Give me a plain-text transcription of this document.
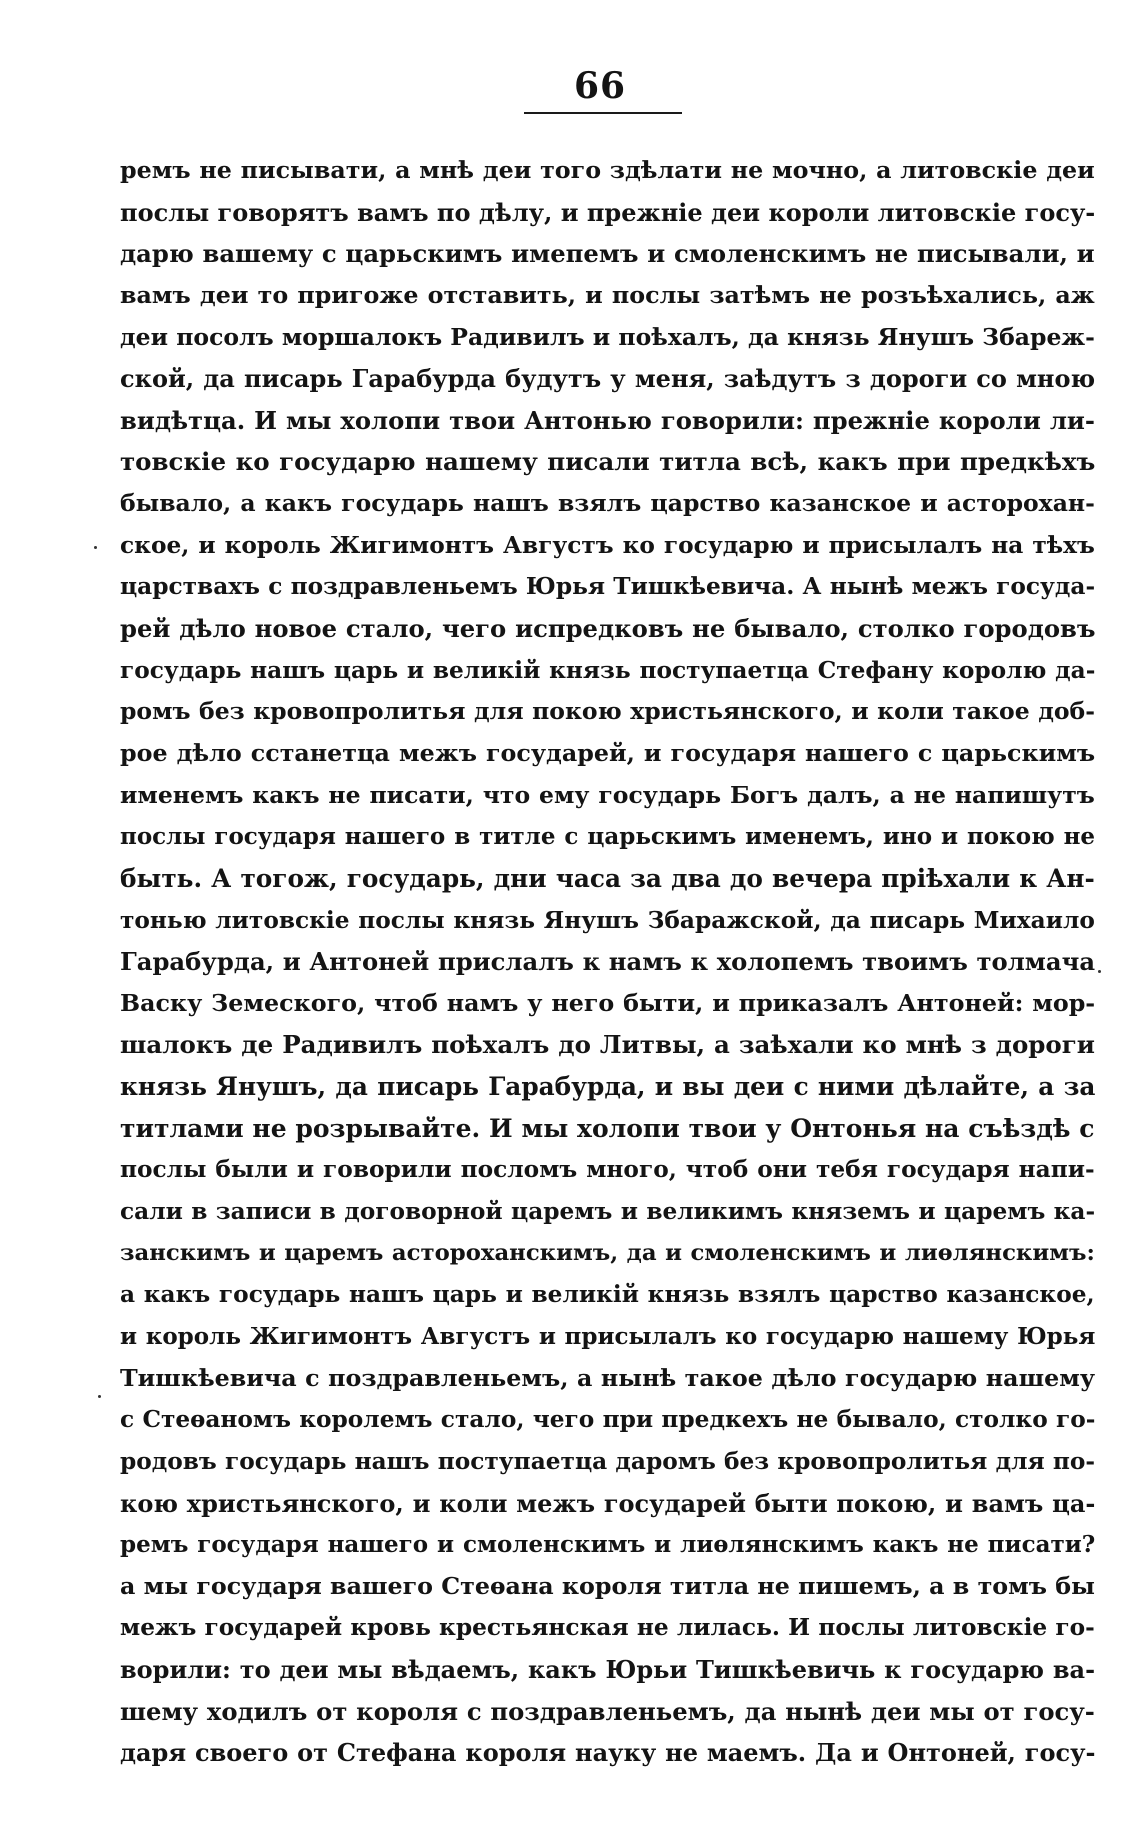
66
ремъ не писывати, а мнѣ деи того здѣлати не мочно, а литовскіе деи
послы говорятъ вамъ по дѣлу, и прежніе деи короли литовскіе госу-
дарю вашему с царьскимъ имепемъ и смоленскимъ не писывали, и
вамъ деи то пригоже отставить, и послы затѣмъ не розъѣхались, аж
деи посолъ моршалокъ Радивилъ и поѣхалъ, да князь Янушъ Збареж-
ской, да писарь Гарабурда будутъ у меня, заѣдутъ з дороги со мною
видѣтца. И мы холопи твои Антонью говорили: прежніе короли ли-
товскіе ко государю нашему писали титла всѣ, какъ при предкѣхъ
бывало, а какъ государь нашъ взялъ царство казанское и асторохан-
ское, и король Жигимонтъ Августъ ко государю и присылалъ на тѣхъ
царствахъ с поздравленьемъ Юрья Тишкѣевича. А нынѣ межъ госуда-
рей дѣло новое стало, чего испредковъ не бывало, столко городовъ
государь нашъ царь и великій князь поступаетца Стефану королю да-
ромъ без кровопролитья для покою христьянского, и коли такое доб-
рое дѣло сстанетца межъ государей, и государя нашего с царьскимъ
именемъ какъ не писати, что ему государь Богъ далъ, а не напишутъ
послы государя нашего в титле с царьскимъ именемъ, ино и покою не
быть. А тогож, государь, дни часа за два до вечера пріѣхали к Ан-
тонью литовскіе послы князь Янушъ Збаражской, да писарь Михаило
Гарабурда, и Антоней прислалъ к намъ к холопемъ твоимъ толмача
Васку Земеского, чтоб намъ у него быти, и приказалъ Антоней: мор-
шалокъ де Радивилъ поѣхалъ до Литвы, а заѣхали ко мнѣ з дороги
князь Янушъ, да писарь Гарабурда, и вы деи с ними дѣлайте, а за
титлами не розрывайте. И мы холопи твои у Онтонья на съѣздѣ с
послы были и говорили посломъ много, чтоб они тебя государя напи-
сали в записи в договорной царемъ и великимъ княземъ и царемъ ка-
занскимъ и царемъ астороханскимъ, да и смоленскимъ и лиѳлянскимъ:
а какъ государь нашъ царь и великій князь взялъ царство казанское,
и король Жигимонтъ Августъ и присылалъ ко государю нашему Юрья
Тишкѣевича с поздравленьемъ, а нынѣ такое дѣло государю нашему
с Стеѳаномъ королемъ стало, чего при предкехъ не бывало, столко го-
родовъ государь нашъ поступаетца даромъ без кровопролитья для по-
кою христьянского, и коли межъ государей быти покою, и вамъ ца-
ремъ государя нашего и смоленскимъ и лиѳлянскимъ какъ не писати?
а мы государя вашего Стеѳана короля титла не пишемъ, а в томъ бы
межъ государей кровь крестьянская не лилась. И послы литовскіе го-
ворили: то деи мы вѣдаемъ, какъ Юрьи Тишкѣевичь к государю ва-
шему ходилъ от короля с поздравленьемъ, да нынѣ деи мы от госу-
даря своего от Стефана короля науку не маемъ. Да и Онтоней, госу-
